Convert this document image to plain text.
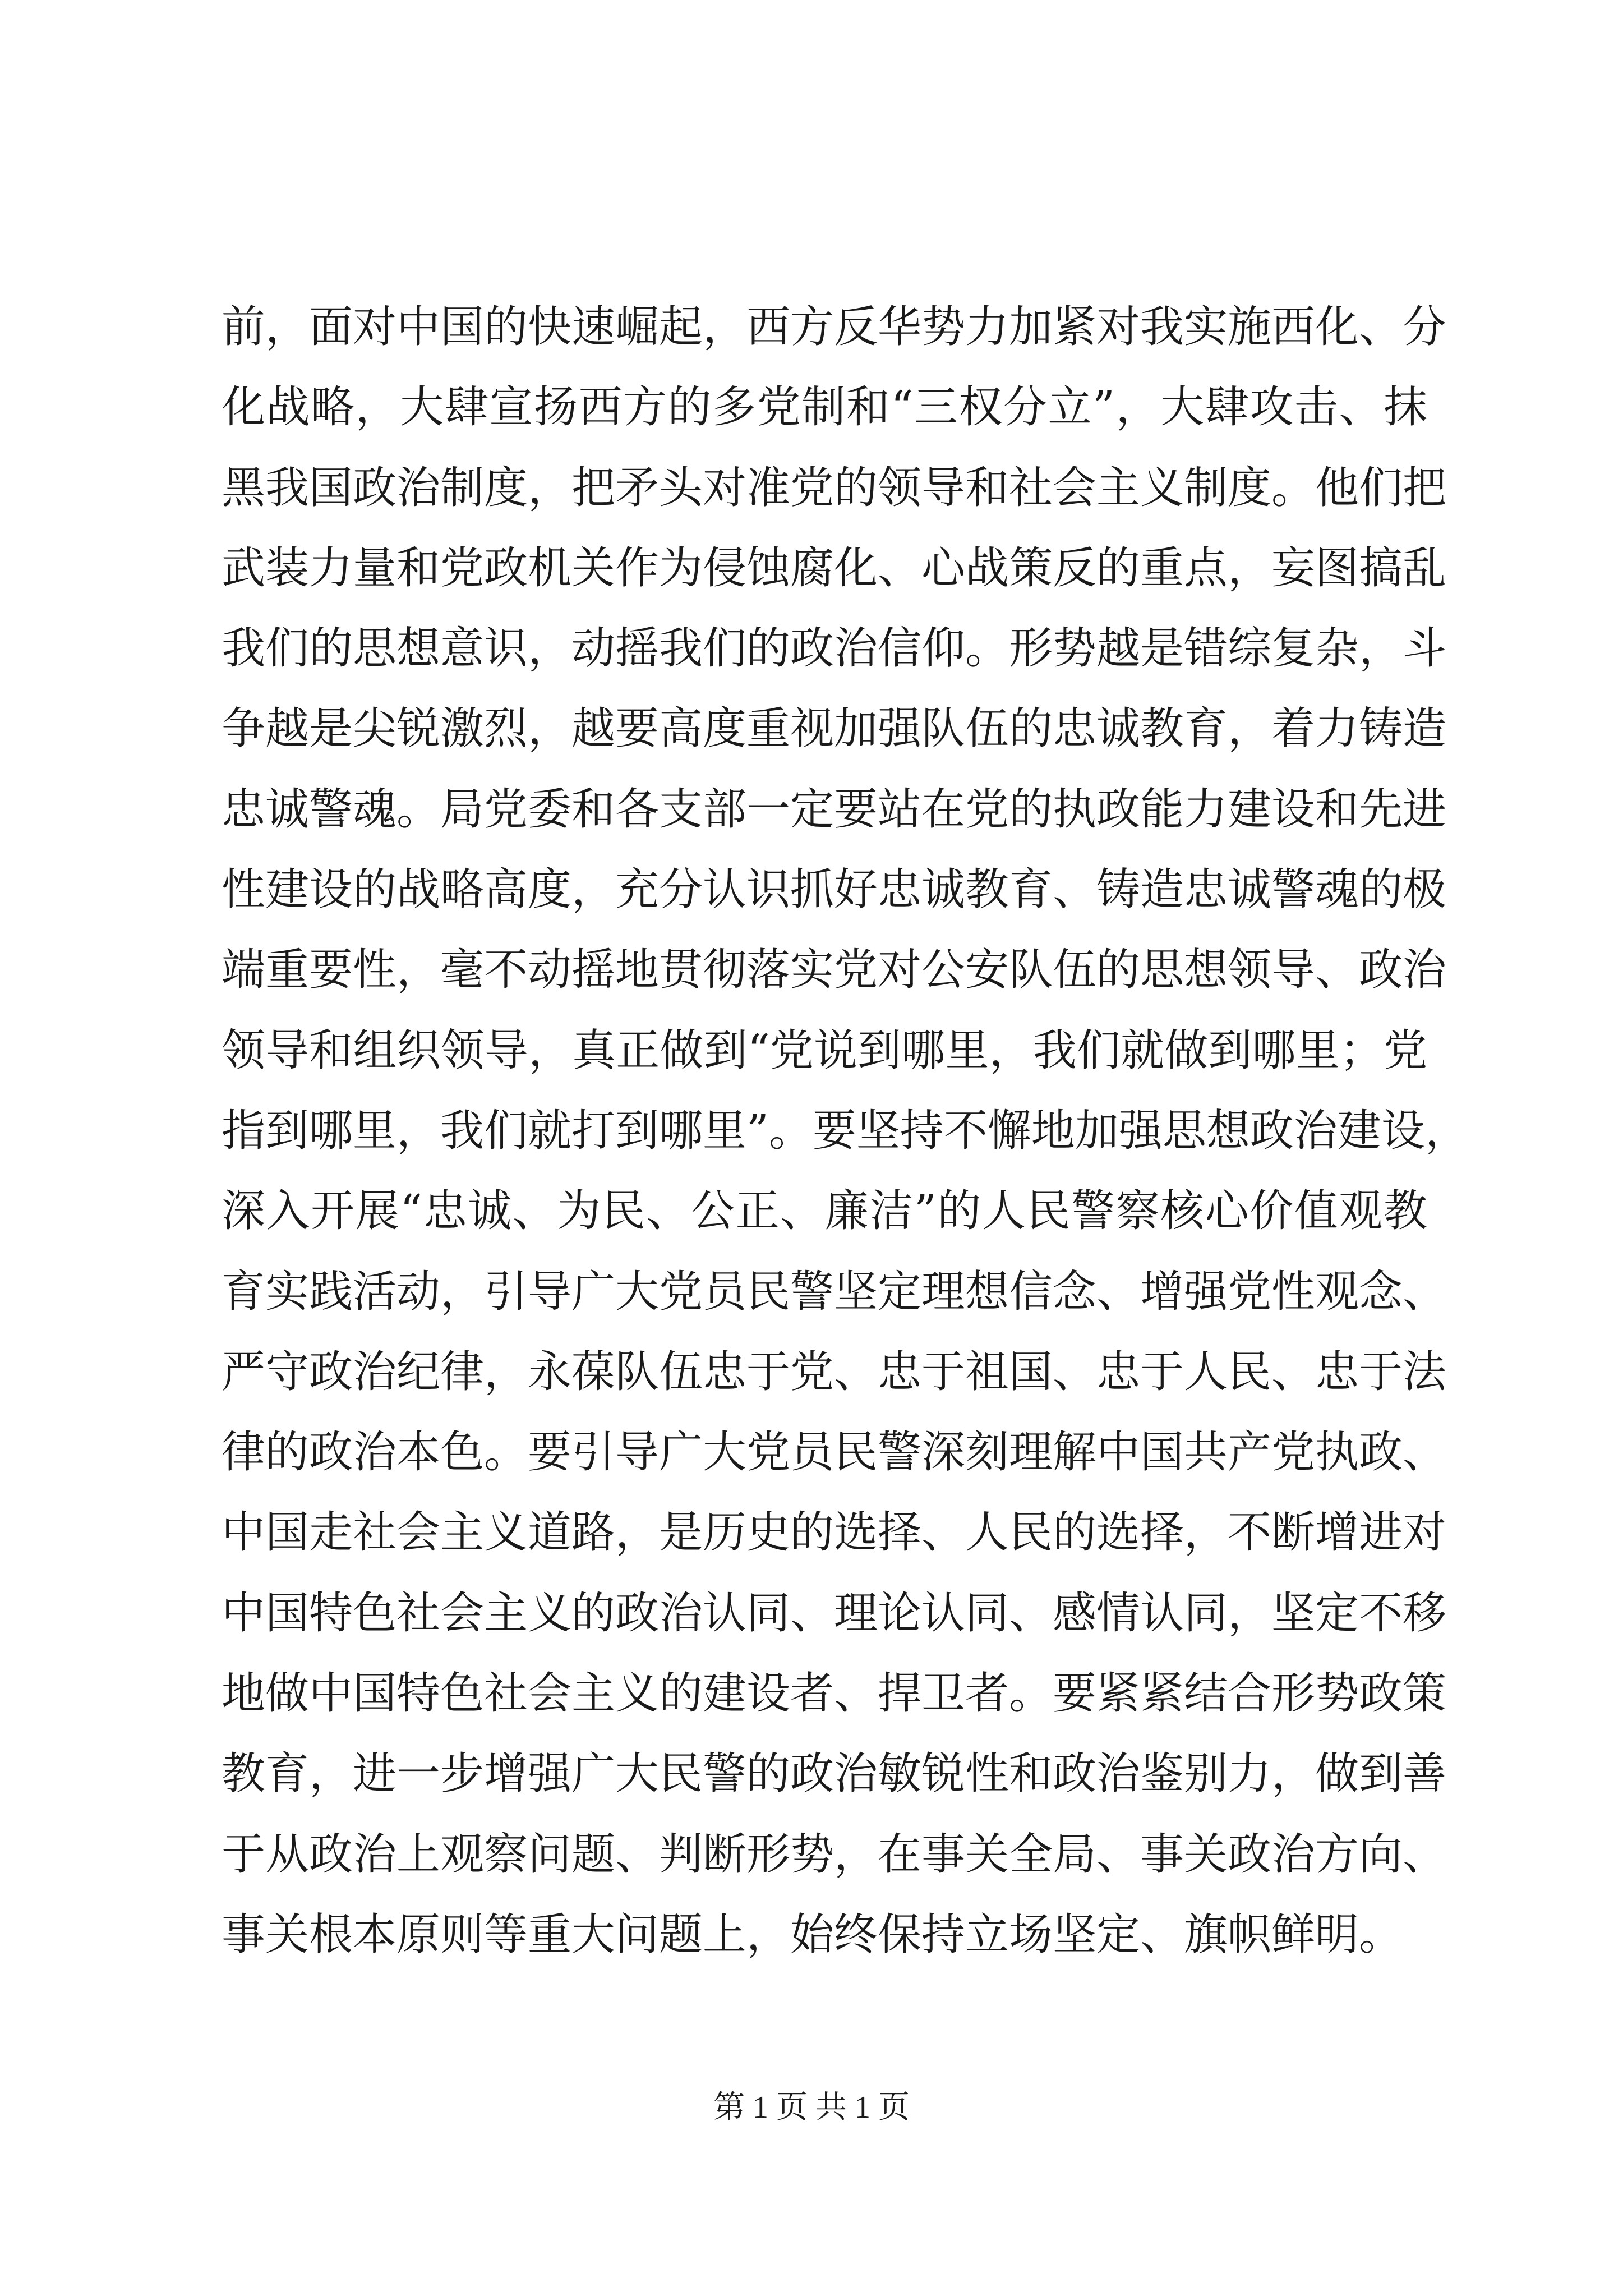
前，面对中国的快速崛起，西方反华势力加紧对我实施西化、分
化战略，大肆宣扬西方的多党制和“三权分立”，大肆攻击、抹
黑我国政治制度，把矛头对准党的领导和社会主义制度。他们把
武装力量和党政机关作为侵蚀腐化、心战策反的重点，妄图搞乱
我们的思想意识，动摇我们的政治信仰。形势越是错综复杂，斗
争越是尖锐激烈，越要高度重视加强队伍的忠诚教育，着力铸造
忠诚警魂。局党委和各支部一定要站在党的执政能力建设和先进
性建设的战略高度，充分认识抓好忠诚教育、铸造忠诚警魂的极
端重要性，毫不动摇地贯彻落实党对公安队伍的思想领导、政治
领导和组织领导，真正做到“党说到哪里，我们就做到哪里；党
指到哪里，我们就打到哪里”。要坚持不懈地加强思想政治建设，
深入开展“忠诚、为民、公正、廉洁”的人民警察核心价值观教
育实践活动，引导广大党员民警坚定理想信念、增强党性观念、
严守政治纪律，永葆队伍忠于党、忠于祖国、忠于人民、忠于法
律的政治本色。要引导广大党员民警深刻理解中国共产党执政、
中国走社会主义道路，是历史的选择、人民的选择，不断增进对
中国特色社会主义的政治认同、理论认同、感情认同，坚定不移
地做中国特色社会主义的建设者、捍卫者。要紧紧结合形势政策
教育，进一步增强广大民警的政治敏锐性和政治鉴别力，做到善
于从政治上观察问题、判断形势，在事关全局、事关政治方向、
事关根本原则等重大问题上，始终保持立场坚定、旗帜鲜明。
第 1 页 共 1 页
